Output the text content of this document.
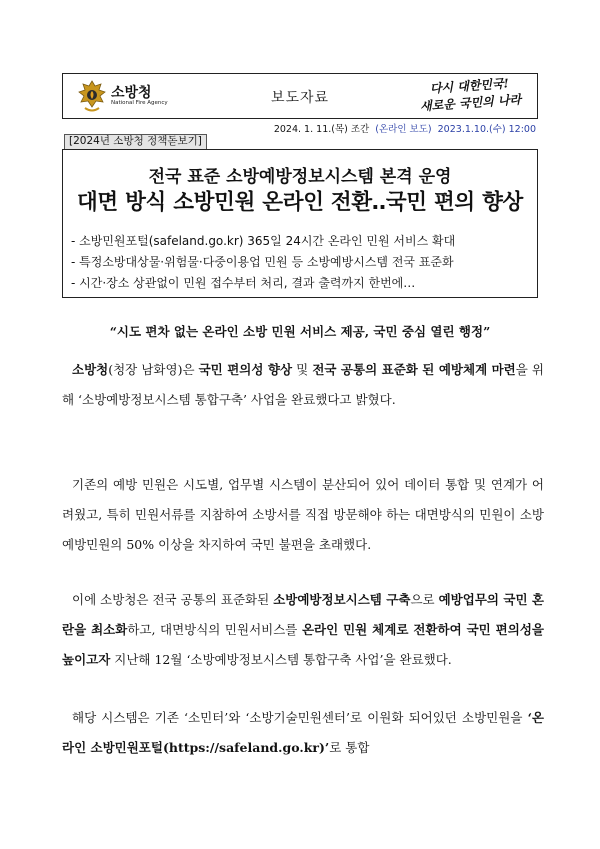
소방청
National Fire Agency	보도자료
다시 대한민국!
새로운 국민의 나라
2024. 1. 11.(목) 조간 (온라인 보도) 2023.1.10.(수) 12:00
[2024년 소방청 정책돋보기]
전국 표준 소방예방정보시스템 본격 운영
대면 방식 소방민원 온라인 전환‥국민 편의 향상
- 소방민원포털(safeland.go.kr) 365일 24시간 온라인 민원 서비스 확대
- 특정소방대상물·위험물·다중이용업 민원 등 소방예방시스템 전국 표준화
- 시간·장소 상관없이 민원 접수부터 처리, 결과 출력까지 한번에…
“시도 편차 없는 온라인 소방 민원 서비스 제공, 국민 중심 열린 행정”
소방청(청장 남화영)은 국민 편의성 향상 및 전국 공통의 표준화 된 예방체계 마련을 위해 ‘소방예방정보시스템 통합구축’ 사업을 완료했다고 밝혔다.
기존의 예방 민원은 시도별, 업무별 시스템이 분산되어 있어 데이터 통합 및 연계가 어려웠고, 특히 민원서류를 지참하여 소방서를 직접 방문해야 하는 대면방식의 민원이 소방예방민원의 50% 이상을 차지하여 국민 불편을 초래했다.
이에 소방청은 전국 공통의 표준화된 소방예방정보시스템 구축으로 예방업무의 국민 혼란을 최소화하고, 대면방식의 민원서비스를 온라인 민원 체계로 전환하여 국민 편의성을 높이고자 지난해 12월 ‘소방예방정보시스템 통합구축 사업’을 완료했다.
해당 시스템은 기존 ‘소민터’와 ‘소방기술민원센터’로 이원화 되어있던 소방민원을 ‘온라인 소방민원포털(https://safeland.go.kr)’로 통합
